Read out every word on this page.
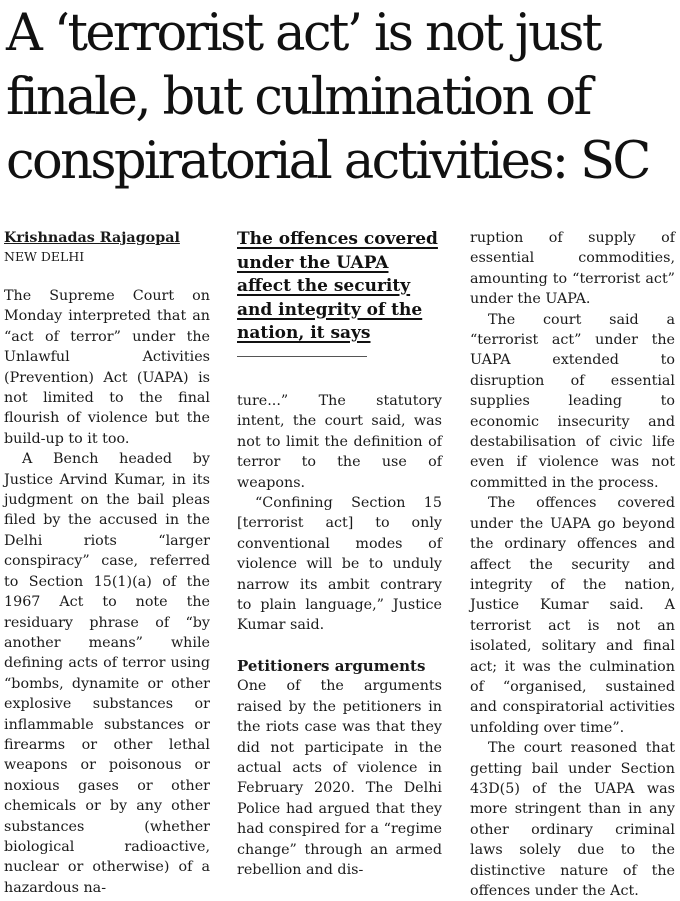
A ‘terrorist act’ is not just finale, but culmination of conspiratorial activities: SC
Krishnadas Rajagopal
NEW DELHI

The Supreme Court on Monday interpreted that an “act of terror” under the Unlawful Activities (Prevention) Act (UAPA) is not limited to the final flourish of violence but the build-up to it too.

A Bench headed by Justice Arvind Kumar, in its judgment on the bail pleas filed by the accused in the Delhi riots “larger conspiracy” case, referred to Section 15(1)(a) of the 1967 Act to note the residuary phrase of “by another means” while defining acts of terror using “bombs, dynamite or other explosive substances or inflammable substances or firearms or other lethal weapons or poisonous or noxious gases or other chemicals or by any other substances (whether biological radioactive, nuclear or otherwise) of a hazardous na-

The offences covered under the UAPA affect the security and integrity of the nation, it says

ture...” The statutory intent, the court said, was not to limit the definition of terror to the use of weapons.

“Confining Section 15 [terrorist act] to only conventional modes of violence will be to unduly narrow its ambit contrary to plain language,” Justice Kumar said.

Petitioners arguments

One of the arguments raised by the petitioners in the riots case was that they did not participate in the actual acts of violence in February 2020. The Delhi Police had argued that they had conspired for a “regime change” through an armed rebellion and dis-

ruption of supply of essential commodities, amounting to “terrorist act” under the UAPA.

The court said a “terrorist act” under the UAPA extended to disruption of essential supplies leading to economic insecurity and destabilisation of civic life even if violence was not committed in the process.

The offences covered under the UAPA go beyond the ordinary offences and affect the security and integrity of the nation, Justice Kumar said. A terrorist act is not an isolated, solitary and final act; it was the culmination of “organised, sustained and conspiratorial activities unfolding over time”.

The court reasoned that getting bail under Section 43D(5) of the UAPA was more stringent than in any other ordinary criminal laws solely due to the distinctive nature of the offences under the Act.
